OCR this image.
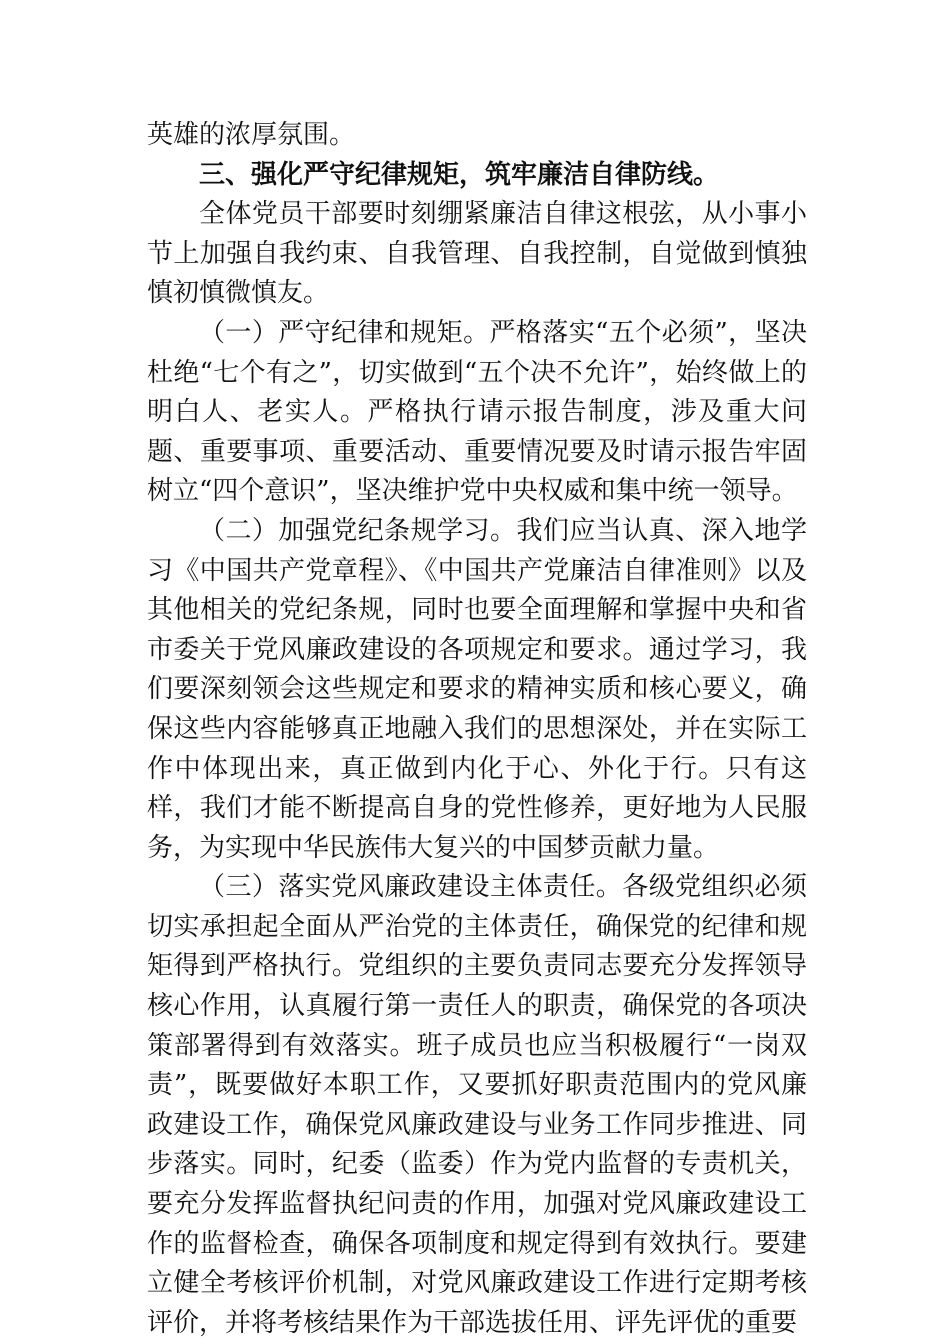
英雄的浓厚氛围。

三、强化严守纪律规矩，筑牢廉洁自律防线。

全体党员干部要时刻绷紧廉洁自律这根弦，从小事小节上加强自我约束、自我管理、自我控制，自觉做到慎独慎初慎微慎友。

（一）严守纪律和规矩。严格落实“五个必须”，坚决杜绝“七个有之”，切实做到“五个决不允许”，始终做上的明白人、老实人。严格执行请示报告制度，涉及重大问题、重要事项、重要活动、重要情况要及时请示报告牢固树立“四个意识”，坚决维护党中央权威和集中统一领导。

（二）加强党纪条规学习。我们应当认真、深入地学习《中国共产党章程》、《中国共产党廉洁自律准则》以及其他相关的党纪条规，同时也要全面理解和掌握中央和省市委关于党风廉政建设的各项规定和要求。通过学习，我们要深刻领会这些规定和要求的精神实质和核心要义，确保这些内容能够真正地融入我们的思想深处，并在实际工作中体现出来，真正做到内化于心、外化于行。只有这样，我们才能不断提高自身的党性修养，更好地为人民服务，为实现中华民族伟大复兴的中国梦贡献力量。

（三）落实党风廉政建设主体责任。各级党组织必须切实承担起全面从严治党的主体责任，确保党的纪律和规矩得到严格执行。党组织的主要负责同志要充分发挥领导核心作用，认真履行第一责任人的职责，确保党的各项决策部署得到有效落实。班子成员也应当积极履行“一岗双责”，既要做好本职工作，又要抓好职责范围内的党风廉政建设工作，确保党风廉政建设与业务工作同步推进、同步落实。同时，纪委（监委）作为党内监督的专责机关，要充分发挥监督执纪问责的作用，加强对党风廉政建设工作的监督检查，确保各项制度和规定得到有效执行。要建立健全考核评价机制，对党风廉政建设工作进行定期考核评价，并将考核结果作为干部选拔任用、评先评优的重要
